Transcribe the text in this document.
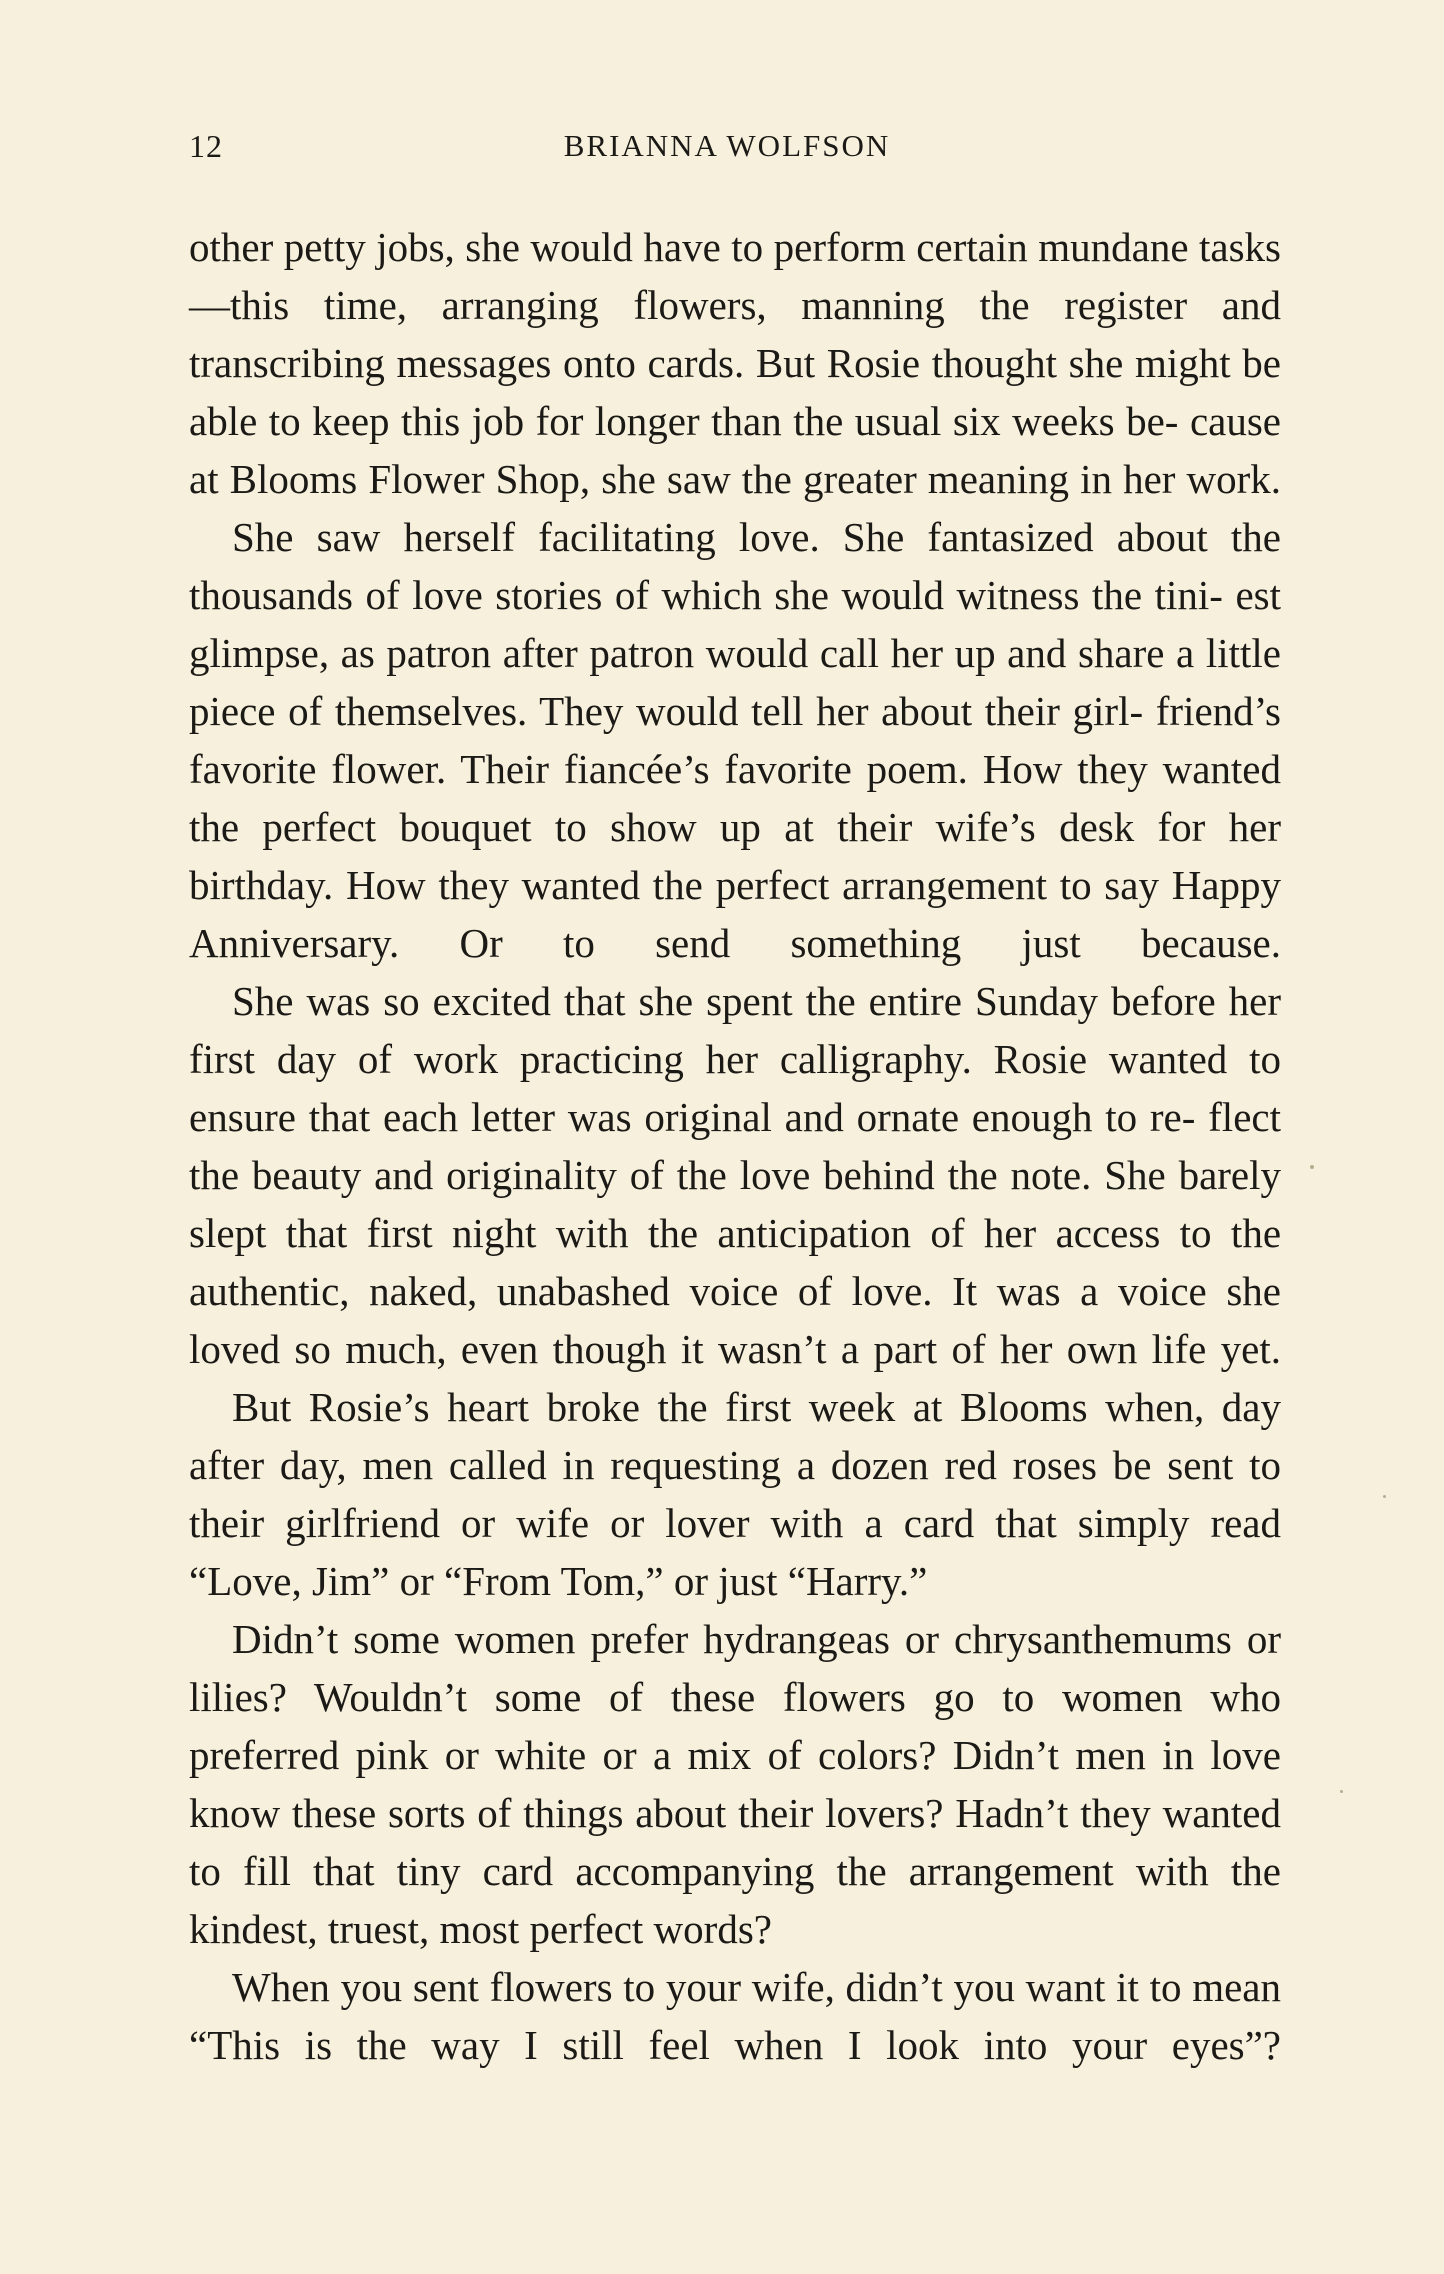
12	BRIANNA WOLFSON

other petty jobs, she would have to perform certain mundane tasks—this time, arranging flowers, manning the register and transcribing messages onto cards. But Rosie thought she might be able to keep this job for longer than the usual six weeks be- cause at Blooms Flower Shop, she saw the greater meaning in her work.

She saw herself facilitating love. She fantasized about the thousands of love stories of which she would witness the tini- est glimpse, as patron after patron would call her up and share a little piece of themselves. They would tell her about their girl- friend’s favorite flower. Their fiancée’s favorite poem. How they wanted the perfect bouquet to show up at their wife’s desk for her birthday. How they wanted the perfect arrangement to say Happy Anniversary. Or to send something just because.

She was so excited that she spent the entire Sunday before her first day of work practicing her calligraphy. Rosie wanted to ensure that each letter was original and ornate enough to re- flect the beauty and originality of the love behind the note. She barely slept that first night with the anticipation of her access to the authentic, naked, unabashed voice of love. It was a voice she loved so much, even though it wasn’t a part of her own life yet.

But Rosie’s heart broke the first week at Blooms when, day after day, men called in requesting a dozen red roses be sent to their girlfriend or wife or lover with a card that simply read “Love, Jim” or “From Tom,” or just “Harry.”

Didn’t some women prefer hydrangeas or chrysanthemums or lilies? Wouldn’t some of these flowers go to women who preferred pink or white or a mix of colors? Didn’t men in love know these sorts of things about their lovers? Hadn’t they wanted to fill that tiny card accompanying the arrangement with the kindest, truest, most perfect words?

When you sent flowers to your wife, didn’t you want it to mean “This is the way I still feel when I look into your eyes”?
